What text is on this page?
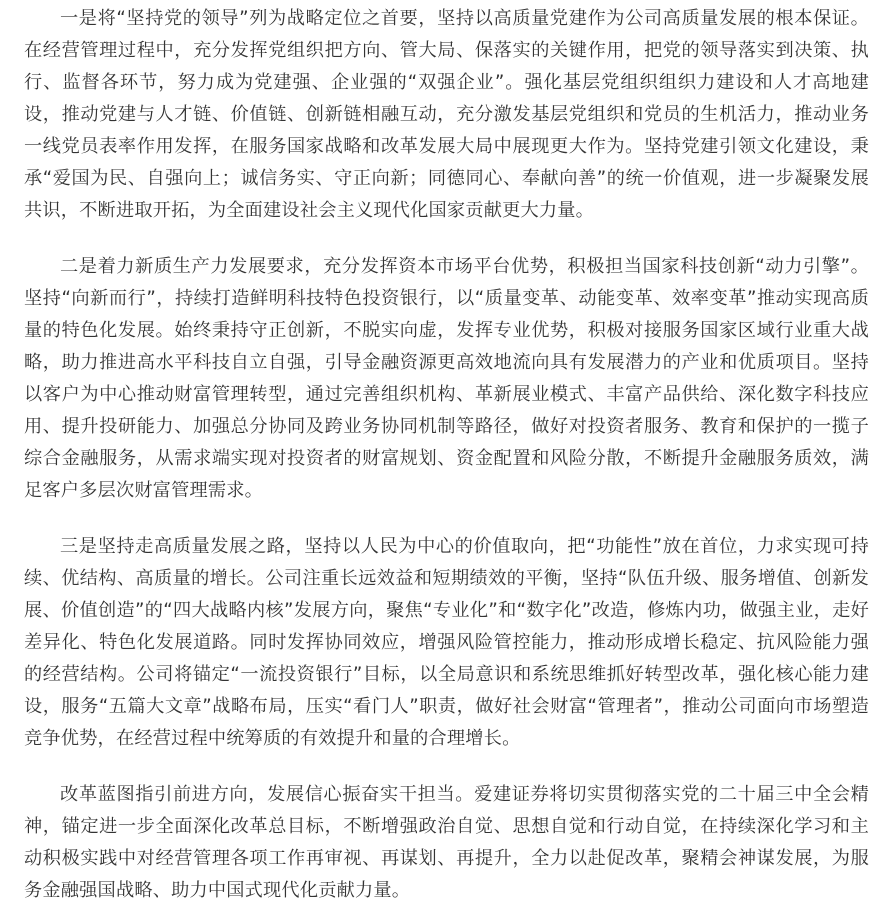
一是将“坚持党的领导”列为战略定位之首要，坚持以高质量党建作为公司高质量发展的根本保证。在经营管理过程中，充分发挥党组织把方向、管大局、保落实的关键作用，把党的领导落实到决策、执行、监督各环节，努力成为党建强、企业强的“双强企业”。强化基层党组织组织力建设和人才高地建设，推动党建与人才链、价值链、创新链相融互动，充分激发基层党组织和党员的生机活力，推动业务一线党员表率作用发挥，在服务国家战略和改革发展大局中展现更大作为。坚持党建引领文化建设，秉承“爱国为民、自强向上；诚信务实、守正向新；同德同心、奉献向善”的统一价值观，进一步凝聚发展共识，不断进取开拓，为全面建设社会主义现代化国家贡献更大力量。

二是着力新质生产力发展要求，充分发挥资本市场平台优势，积极担当国家科技创新“动力引擎”。坚持“向新而行”，持续打造鲜明科技特色投资银行，以“质量变革、动能变革、效率变革”推动实现高质量的特色化发展。始终秉持守正创新，不脱实向虚，发挥专业优势，积极对接服务国家区域行业重大战略，助力推进高水平科技自立自强，引导金融资源更高效地流向具有发展潜力的产业和优质项目。坚持以客户为中心推动财富管理转型，通过完善组织机构、革新展业模式、丰富产品供给、深化数字科技应用、提升投研能力、加强总分协同及跨业务协同机制等路径，做好对投资者服务、教育和保护的一揽子综合金融服务，从需求端实现对投资者的财富规划、资金配置和风险分散，不断提升金融服务质效，满足客户多层次财富管理需求。

三是坚持走高质量发展之路，坚持以人民为中心的价值取向，把“功能性”放在首位，力求实现可持续、优结构、高质量的增长。公司注重长远效益和短期绩效的平衡，坚持“队伍升级、服务增值、创新发展、价值创造”的“四大战略内核”发展方向，聚焦“专业化”和“数字化”改造，修炼内功，做强主业，走好差异化、特色化发展道路。同时发挥协同效应，增强风险管控能力，推动形成增长稳定、抗风险能力强的经营结构。公司将锚定“一流投资银行”目标，以全局意识和系统思维抓好转型改革，强化核心能力建设，服务“五篇大文章”战略布局，压实“看门人”职责，做好社会财富“管理者”，推动公司面向市场塑造竞争优势，在经营过程中统筹质的有效提升和量的合理增长。

改革蓝图指引前进方向，发展信心振奋实干担当。爱建证券将切实贯彻落实党的二十届三中全会精神，锚定进一步全面深化改革总目标，不断增强政治自觉、思想自觉和行动自觉，在持续深化学习和主动积极实践中对经营管理各项工作再审视、再谋划、再提升，全力以赴促改革，聚精会神谋发展，为服务金融强国战略、助力中国式现代化贡献力量。
